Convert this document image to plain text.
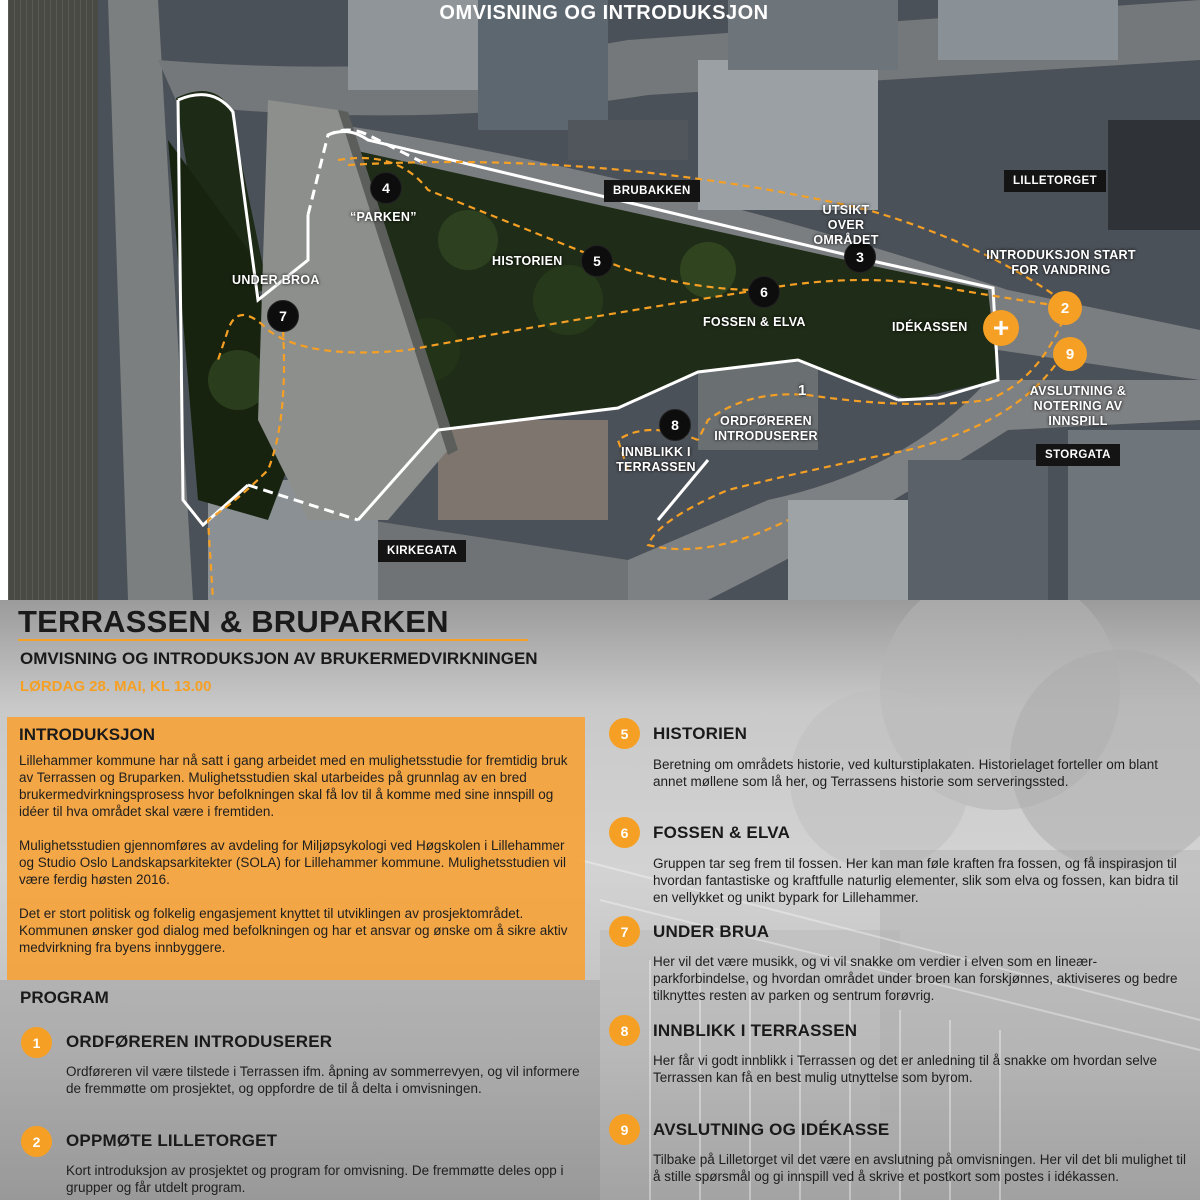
OMVISNING OG INTRODUKSJON
BRUBAKKEN
LILLETORGET
STORGATA
KIRKEGATA
4
5
6
7
3
8
1
2
9
+
“PARKEN”
HISTORIEN
UNDER BROA
FOSSEN & ELVA
UTSIKT OVER OMRÅDET
INTRODUKSJON START FOR VANDRING
IDÉKASSEN
AVSLUTNING & NOTERING AV INNSPILL
ORDFØREREN INTRODUSERER
INNBLIKK I TERRASSEN
TERRASSEN & BRUPARKEN
OMVISNING OG INTRODUKSJON AV BRUKERMEDVIRKNINGEN
LØRDAG 28. MAI, KL 13.00
INTRODUKSJON
Lillehammer kommune har nå satt i gang arbeidet med en mulighetsstudie for fremtidig bruk av Terrassen og Bruparken. Mulighetsstudien skal utarbeides på grunnlag av en bred brukermedvirkningsprosess hvor befolkningen skal få lov til å komme med sine innspill og idéer til hva området skal være i fremtiden.
Mulighetsstudien gjennomføres av avdeling for Miljøpsykologi ved Høgskolen i Lillehammer og Studio Oslo Landskapsarkitekter (SOLA) for Lillehammer kommune. Mulighetsstudien vil være ferdig høsten 2016.
Det er stort politisk og folkelig engasjement knyttet til utviklingen av prosjektområdet. Kommunen ønsker god dialog med befolkningen og har et ansvar og ønske om å sikre aktiv medvirkning fra byens innbyggere.
PROGRAM
1	ORDFØREREN INTRODUSERER
Ordføreren vil være tilstede i Terrassen ifm. åpning av sommerrevyen, og vil informere de fremmøtte om prosjektet, og oppfordre de til å delta i omvisningen.
2	OPPMØTE LILLETORGET
Kort introduksjon av prosjektet og program for omvisning. De fremmøtte deles opp i grupper og får utdelt program.
5	HISTORIEN
Beretning om områdets historie, ved kulturstiplakaten. Historielaget forteller om blant annet møllene som lå her, og Terrassens historie som serveringssted.
6	FOSSEN & ELVA
Gruppen tar seg frem til fossen. Her kan man føle kraften fra fossen, og få inspirasjon til hvordan fantastiske og kraftfulle naturlig elementer, slik som elva og fossen, kan bidra til en vellykket og unikt bypark for Lillehammer.
7	UNDER BRUA
Her vil det være musikk, og vi vil snakke om verdier i elven som en lineær-parkforbindelse, og hvordan området under broen kan forskjønnes, aktiviseres og bedre tilknyttes resten av parken og sentrum forøvrig.
8	INNBLIKK I TERRASSEN
Her får vi godt innblikk i Terrassen og det er anledning til å snakke om hvordan selve Terrassen kan få en best mulig utnyttelse som byrom.
9	AVSLUTNING OG IDÉKASSE
Tilbake på Lilletorget vil det være en avslutning på omvisningen. Her vil det bli mulighet til å stille spørsmål og gi innspill ved å skrive et postkort som postes i idékassen.
